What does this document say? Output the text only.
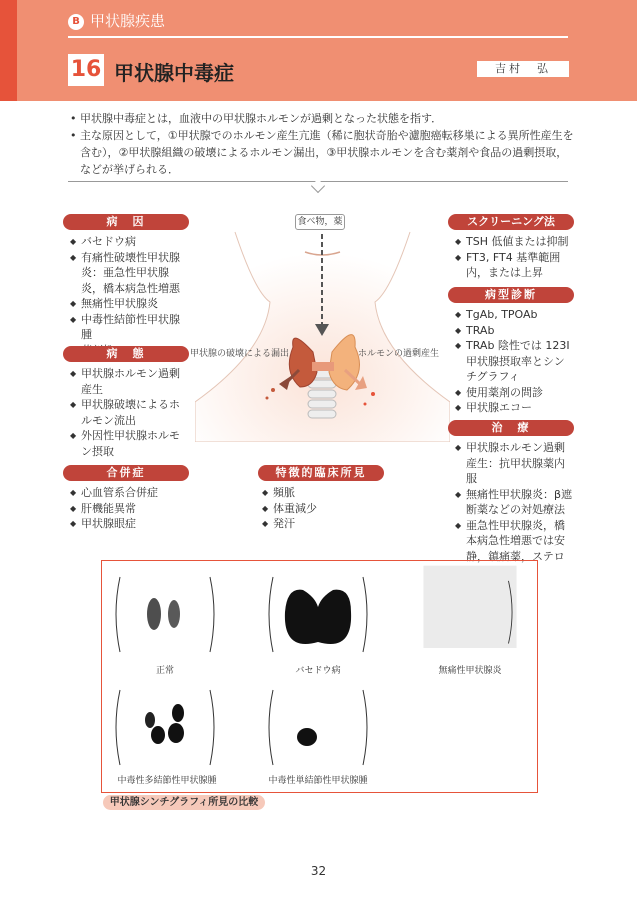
B 甲状腺疾患
16 甲状腺中毒症	吉村　弘
• 甲状腺中毒症とは，血液中の甲状腺ホルモンが過剰となった状態を指す．
• 主な原因として，①甲状腺でのホルモン産生亢進（稀に胞状奇胎や濾胞癌転移巣による異所性産生を含む），②甲状腺組織の破壊によるホルモン漏出，③甲状腺ホルモンを含む薬剤や食品の過剰摂取，などが挙げられる．
病　因
◆ バセドウ病
◆ 有痛性破壊性甲状腺炎：亜急性甲状腺炎，橋本病急性増悪
◆ 無痛性甲状腺炎
◆ 中毒性結節性甲状腺腫
◆
病　態
◆ 甲状腺ホルモン過剰産生
◆ 甲状腺破壊によるホルモン流出
◆ 外因性甲状腺ホルモン摂取
合併症
◆ 心血管系合併症
◆ 肝機能異常
◆ 甲状腺眼症
食べ物，薬
甲状腺の破壊による漏出	ホルモンの過剰産生
特徴的臨床所見
◆ 頻脈
◆ 体重減少
◆ 発汗
スクリーニング法
◆ TSH 低値または抑制
◆ FT3, FT4 基準範囲内，または上昇
病型診断
◆ TgAb, TPOAb
◆ TRAb
◆ TRAb 陰性では 123I 甲状腺摂取率とシンチグラフィ
◆ 使用薬剤の問診
◆ 甲状腺エコー
治　療
◆ 甲状腺ホルモン過剰産生：抗甲状腺薬内服
◆ 無痛性甲状腺炎：β遮断薬などの対処療法
◆ 亜急性甲状腺炎，橋本病急性増悪では安静，鎮痛薬，ステロ
正常	バセドウ病	無痛性甲状腺炎
中毒性多結節性甲状腺腫	中毒性単結節性甲状腺腫
甲状腺シンチグラフィ所見の比較
32
